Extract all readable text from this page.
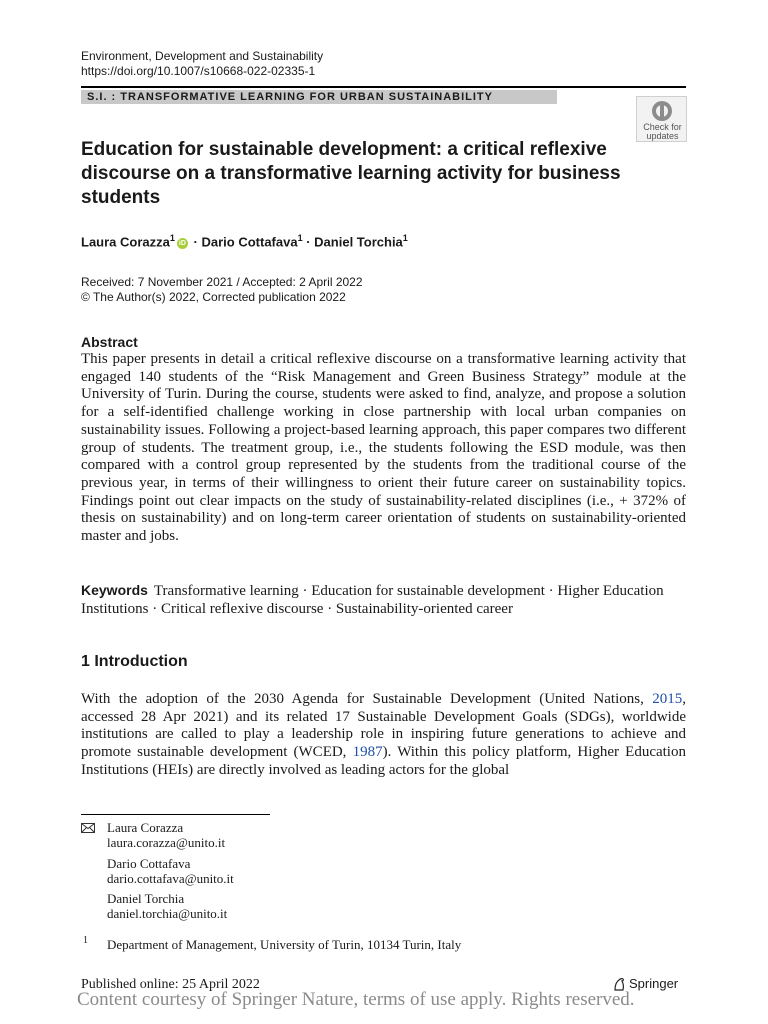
Environment, Development and Sustainability
https://doi.org/10.1007/s10668-022-02335-1
S.I. : TRANSFORMATIVE LEARNING FOR URBAN SUSTAINABILITY
Check for updates
Education for sustainable development: a critical reflexive discourse on a transformative learning activity for business students
Laura Corazza$^1$iD · Dario Cottafava$^1$ · Daniel Torchia$^1$
Received: 7 November 2021 / Accepted: 2 April 2022
© The Author(s) 2022, Corrected publication 2022
Abstract
This paper presents in detail a critical reflexive discourse on a transformative learning activity that engaged 140 students of the “Risk Management and Green Business Strategy” module at the University of Turin. During the course, students were asked to find, analyze, and propose a solution for a self-identified challenge working in close partnership with local urban companies on sustainability issues. Following a project-based learning approach, this paper compares two different group of students. The treatment group, i.e., the students following the ESD module, was then compared with a control group represented by the students from the traditional course of the previous year, in terms of their willingness to orient their future career on sustainability topics. Findings point out clear impacts on the study of sustainability-related disciplines (i.e., + 372% of thesis on sustainability) and on long-term career orientation of students on sustainability-oriented master and jobs.
Keywords Transformative learning · Education for sustainable development · Higher Education Institutions · Critical reflexive discourse · Sustainability-oriented career
1 Introduction
With the adoption of the 2030 Agenda for Sustainable Development (United Nations, 2015, accessed 28 Apr 2021) and its related 17 Sustainable Development Goals (SDGs), worldwide institutions are called to play a leadership role in inspiring future generations to achieve and promote sustainable development (WCED, 1987). Within this policy platform, Higher Education Institutions (HEIs) are directly involved as leading actors for the global
Laura Corazza
laura.corazza@unito.it
Dario Cottafava
dario.cottafava@unito.it
Daniel Torchia
daniel.torchia@unito.it
1 Department of Management, University of Turin, 10134 Turin, Italy
Published online: 25 April 2022	Springer
Content courtesy of Springer Nature, terms of use apply. Rights reserved.
